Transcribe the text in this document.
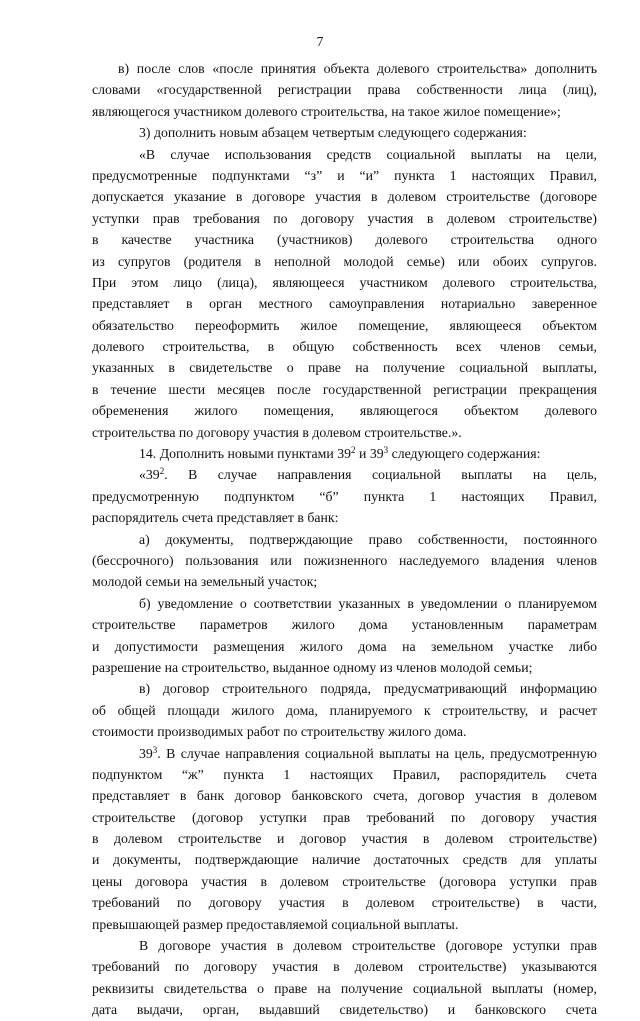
7
в) после слов «после принятия объекта долевого строительства» дополнить
словами «государственной регистрации права собственности лица (лиц),
являющегося участником долевого строительства, на такое жилое помещение»;
3) дополнить новым абзацем четвертым следующего содержания:
«В случае использования средств социальной выплаты на цели,
предусмотренные подпунктами “з” и “и” пункта 1 настоящих Правил,
допускается указание в договоре участия в долевом строительстве (договоре
уступки прав требования по договору участия в долевом строительстве)
в качестве участника (участников) долевого строительства одного
из супругов (родителя в неполной молодой семье) или обоих супругов.
При этом лицо (лица), являющееся участником долевого строительства,
представляет в орган местного самоуправления нотариально заверенное
обязательство переоформить жилое помещение, являющееся объектом
долевого строительства, в общую собственность всех членов семьи,
указанных в свидетельстве о праве на получение социальной выплаты,
в течение шести месяцев после государственной регистрации прекращения
обременения жилого помещения, являющегося объектом долевого
строительства по договору участия в долевом строительстве.».
14. Дополнить новыми пунктами $39^2$ и $39^3$ следующего содержания:
«$39^2$. В случае направления социальной выплаты на цель,
предусмотренную подпунктом “б” пункта 1 настоящих Правил,
распорядитель счета представляет в банк:
а) документы, подтверждающие право собственности, постоянного
(бессрочного) пользования или пожизненного наследуемого владения членов
молодой семьи на земельный участок;
б) уведомление о соответствии указанных в уведомлении о планируемом
строительстве параметров жилого дома установленным параметрам
и допустимости размещения жилого дома на земельном участке либо
разрешение на строительство, выданное одному из членов молодой семьи;
в) договор строительного подряда, предусматривающий информацию
об общей площади жилого дома, планируемого к строительству, и расчет
стоимости производимых работ по строительству жилого дома.
$39^3$. В случае направления социальной выплаты на цель, предусмотренную
подпунктом “ж” пункта 1 настоящих Правил, распорядитель счета
представляет в банк договор банковского счета, договор участия в долевом
строительстве (договор уступки прав требований по договору участия
в долевом строительстве и договор участия в долевом строительстве)
и документы, подтверждающие наличие достаточных средств для уплаты
цены договора участия в долевом строительстве (договора уступки прав
требований по договору участия в долевом строительстве) в части,
превышающей размер предоставляемой социальной выплаты.
В договоре участия в долевом строительстве (договоре уступки прав
требований по договору участия в долевом строительстве) указываются
реквизиты свидетельства о праве на получение социальной выплаты (номер,
дата выдачи, орган, выдавший свидетельство) и банковского счета
